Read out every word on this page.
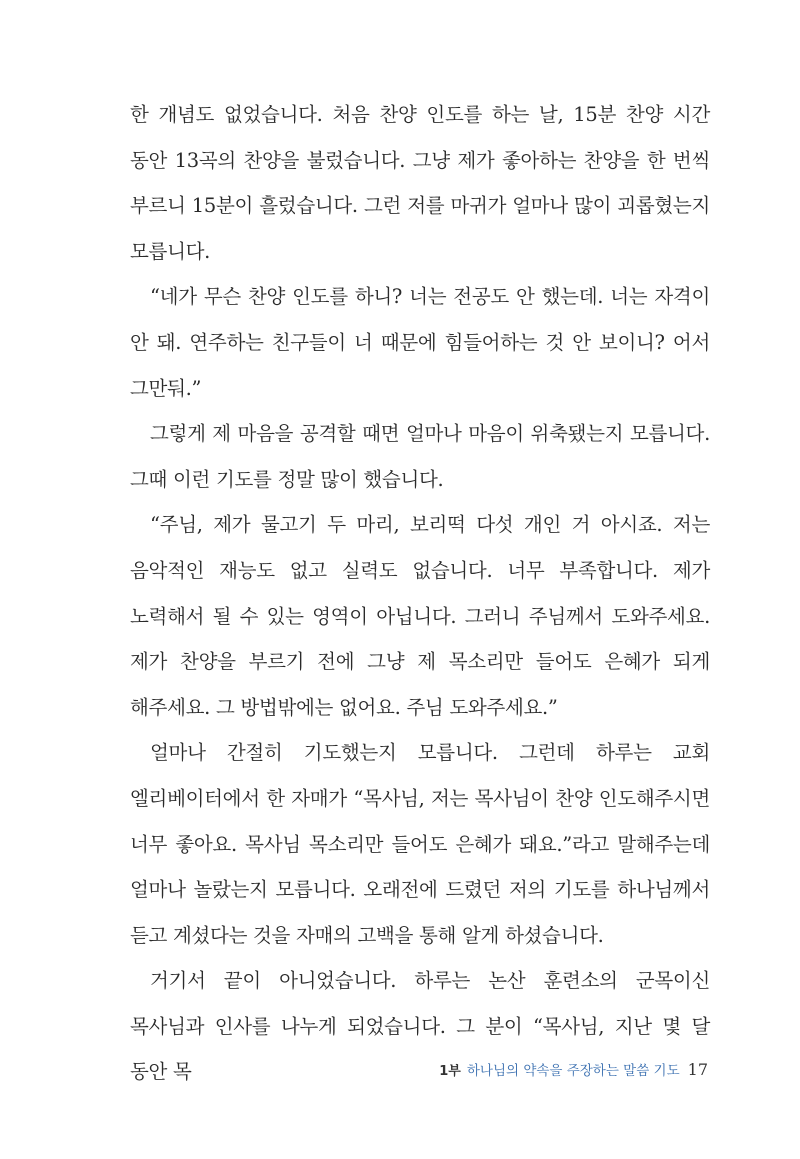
한 개념도 없었습니다. 처음 찬양 인도를 하는 날, 15분 찬양 시간 동안 13곡의 찬양을 불렀습니다. 그냥 제가 좋아하는 찬양을 한 번씩 부르니 15분이 흘렀습니다. 그런 저를 마귀가 얼마나 많이 괴롭혔는지 모릅니다.

“네가 무슨 찬양 인도를 하니? 너는 전공도 안 했는데. 너는 자격이 안 돼. 연주하는 친구들이 너 때문에 힘들어하는 것 안 보이니? 어서 그만둬.”

그렇게 제 마음을 공격할 때면 얼마나 마음이 위축됐는지 모릅니다. 그때 이런 기도를 정말 많이 했습니다.

“주님, 제가 물고기 두 마리, 보리떡 다섯 개인 거 아시죠. 저는 음악적인 재능도 없고 실력도 없습니다. 너무 부족합니다. 제가 노력해서 될 수 있는 영역이 아닙니다. 그러니 주님께서 도와주세요. 제가 찬양을 부르기 전에 그냥 제 목소리만 들어도 은혜가 되게 해주세요. 그 방법밖에는 없어요. 주님 도와주세요.”

얼마나 간절히 기도했는지 모릅니다. 그런데 하루는 교회 엘리베이터에서 한 자매가 “목사님, 저는 목사님이 찬양 인도해주시면 너무 좋아요. 목사님 목소리만 들어도 은혜가 돼요.”라고 말해주는데 얼마나 놀랐는지 모릅니다. 오래전에 드렸던 저의 기도를 하나님께서 듣고 계셨다는 것을 자매의 고백을 통해 알게 하셨습니다.

거기서 끝이 아니었습니다. 하루는 논산 훈련소의 군목이신 목사님과 인사를 나누게 되었습니다. 그 분이 “목사님, 지난 몇 달 동안 목	1부 하나님의 약속을 주장하는 말씀 기도 17
